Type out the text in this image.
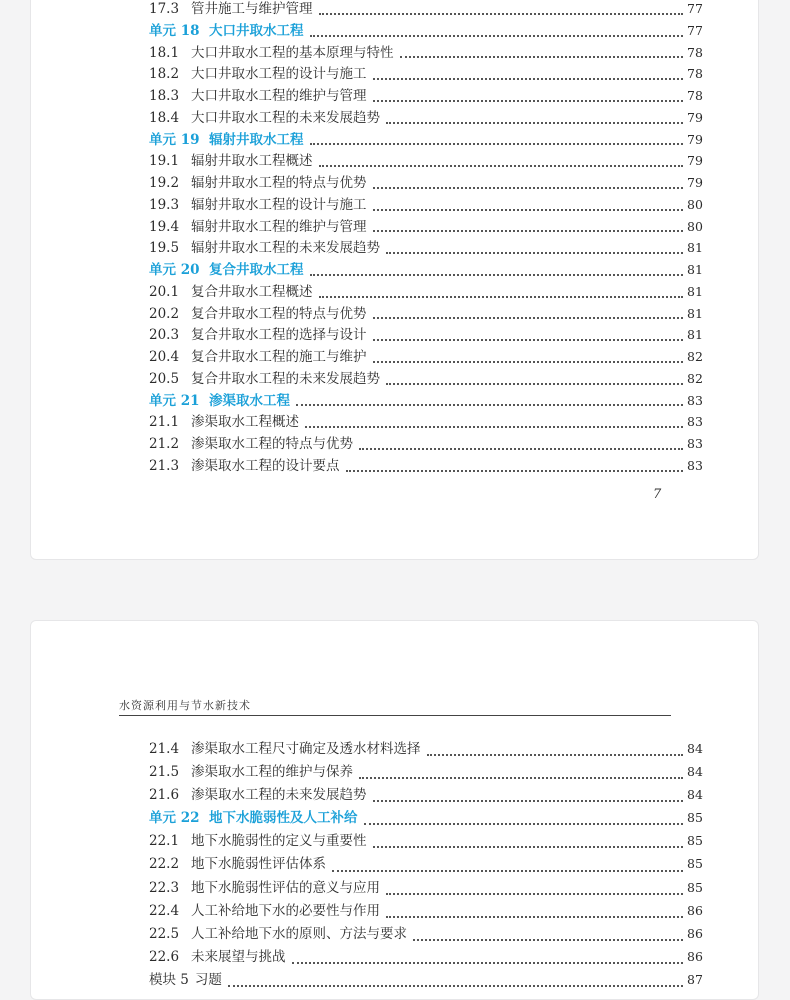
17.3 管井施工与维护管理	77
单元 18 大口井取水工程	77
18.1 大口井取水工程的基本原理与特性	78
18.2 大口井取水工程的设计与施工	78
18.3 大口井取水工程的维护与管理	78
18.4 大口井取水工程的未来发展趋势	79
单元 19 辐射井取水工程	79
19.1 辐射井取水工程概述	79
19.2 辐射井取水工程的特点与优势	79
19.3 辐射井取水工程的设计与施工	80
19.4 辐射井取水工程的维护与管理	80
19.5 辐射井取水工程的未来发展趋势	81
单元 20 复合井取水工程	81
20.1 复合井取水工程概述	81
20.2 复合井取水工程的特点与优势	81
20.3 复合井取水工程的选择与设计	81
20.4 复合井取水工程的施工与维护	82
20.5 复合井取水工程的未来发展趋势	82
单元 21 渗渠取水工程	83
21.1 渗渠取水工程概述	83
21.2 渗渠取水工程的特点与优势	83
21.3 渗渠取水工程的设计要点	83
7
水资源利用与节水新技术
21.4 渗渠取水工程尺寸确定及透水材料选择	84
21.5 渗渠取水工程的维护与保养	84
21.6 渗渠取水工程的未来发展趋势	84
单元 22 地下水脆弱性及人工补给	85
22.1 地下水脆弱性的定义与重要性	85
22.2 地下水脆弱性评估体系	85
22.3 地下水脆弱性评估的意义与应用	85
22.4 人工补给地下水的必要性与作用	86
22.5 人工补给地下水的原则、方法与要求	86
22.6 未来展望与挑战	86
模块 5 习题	87
